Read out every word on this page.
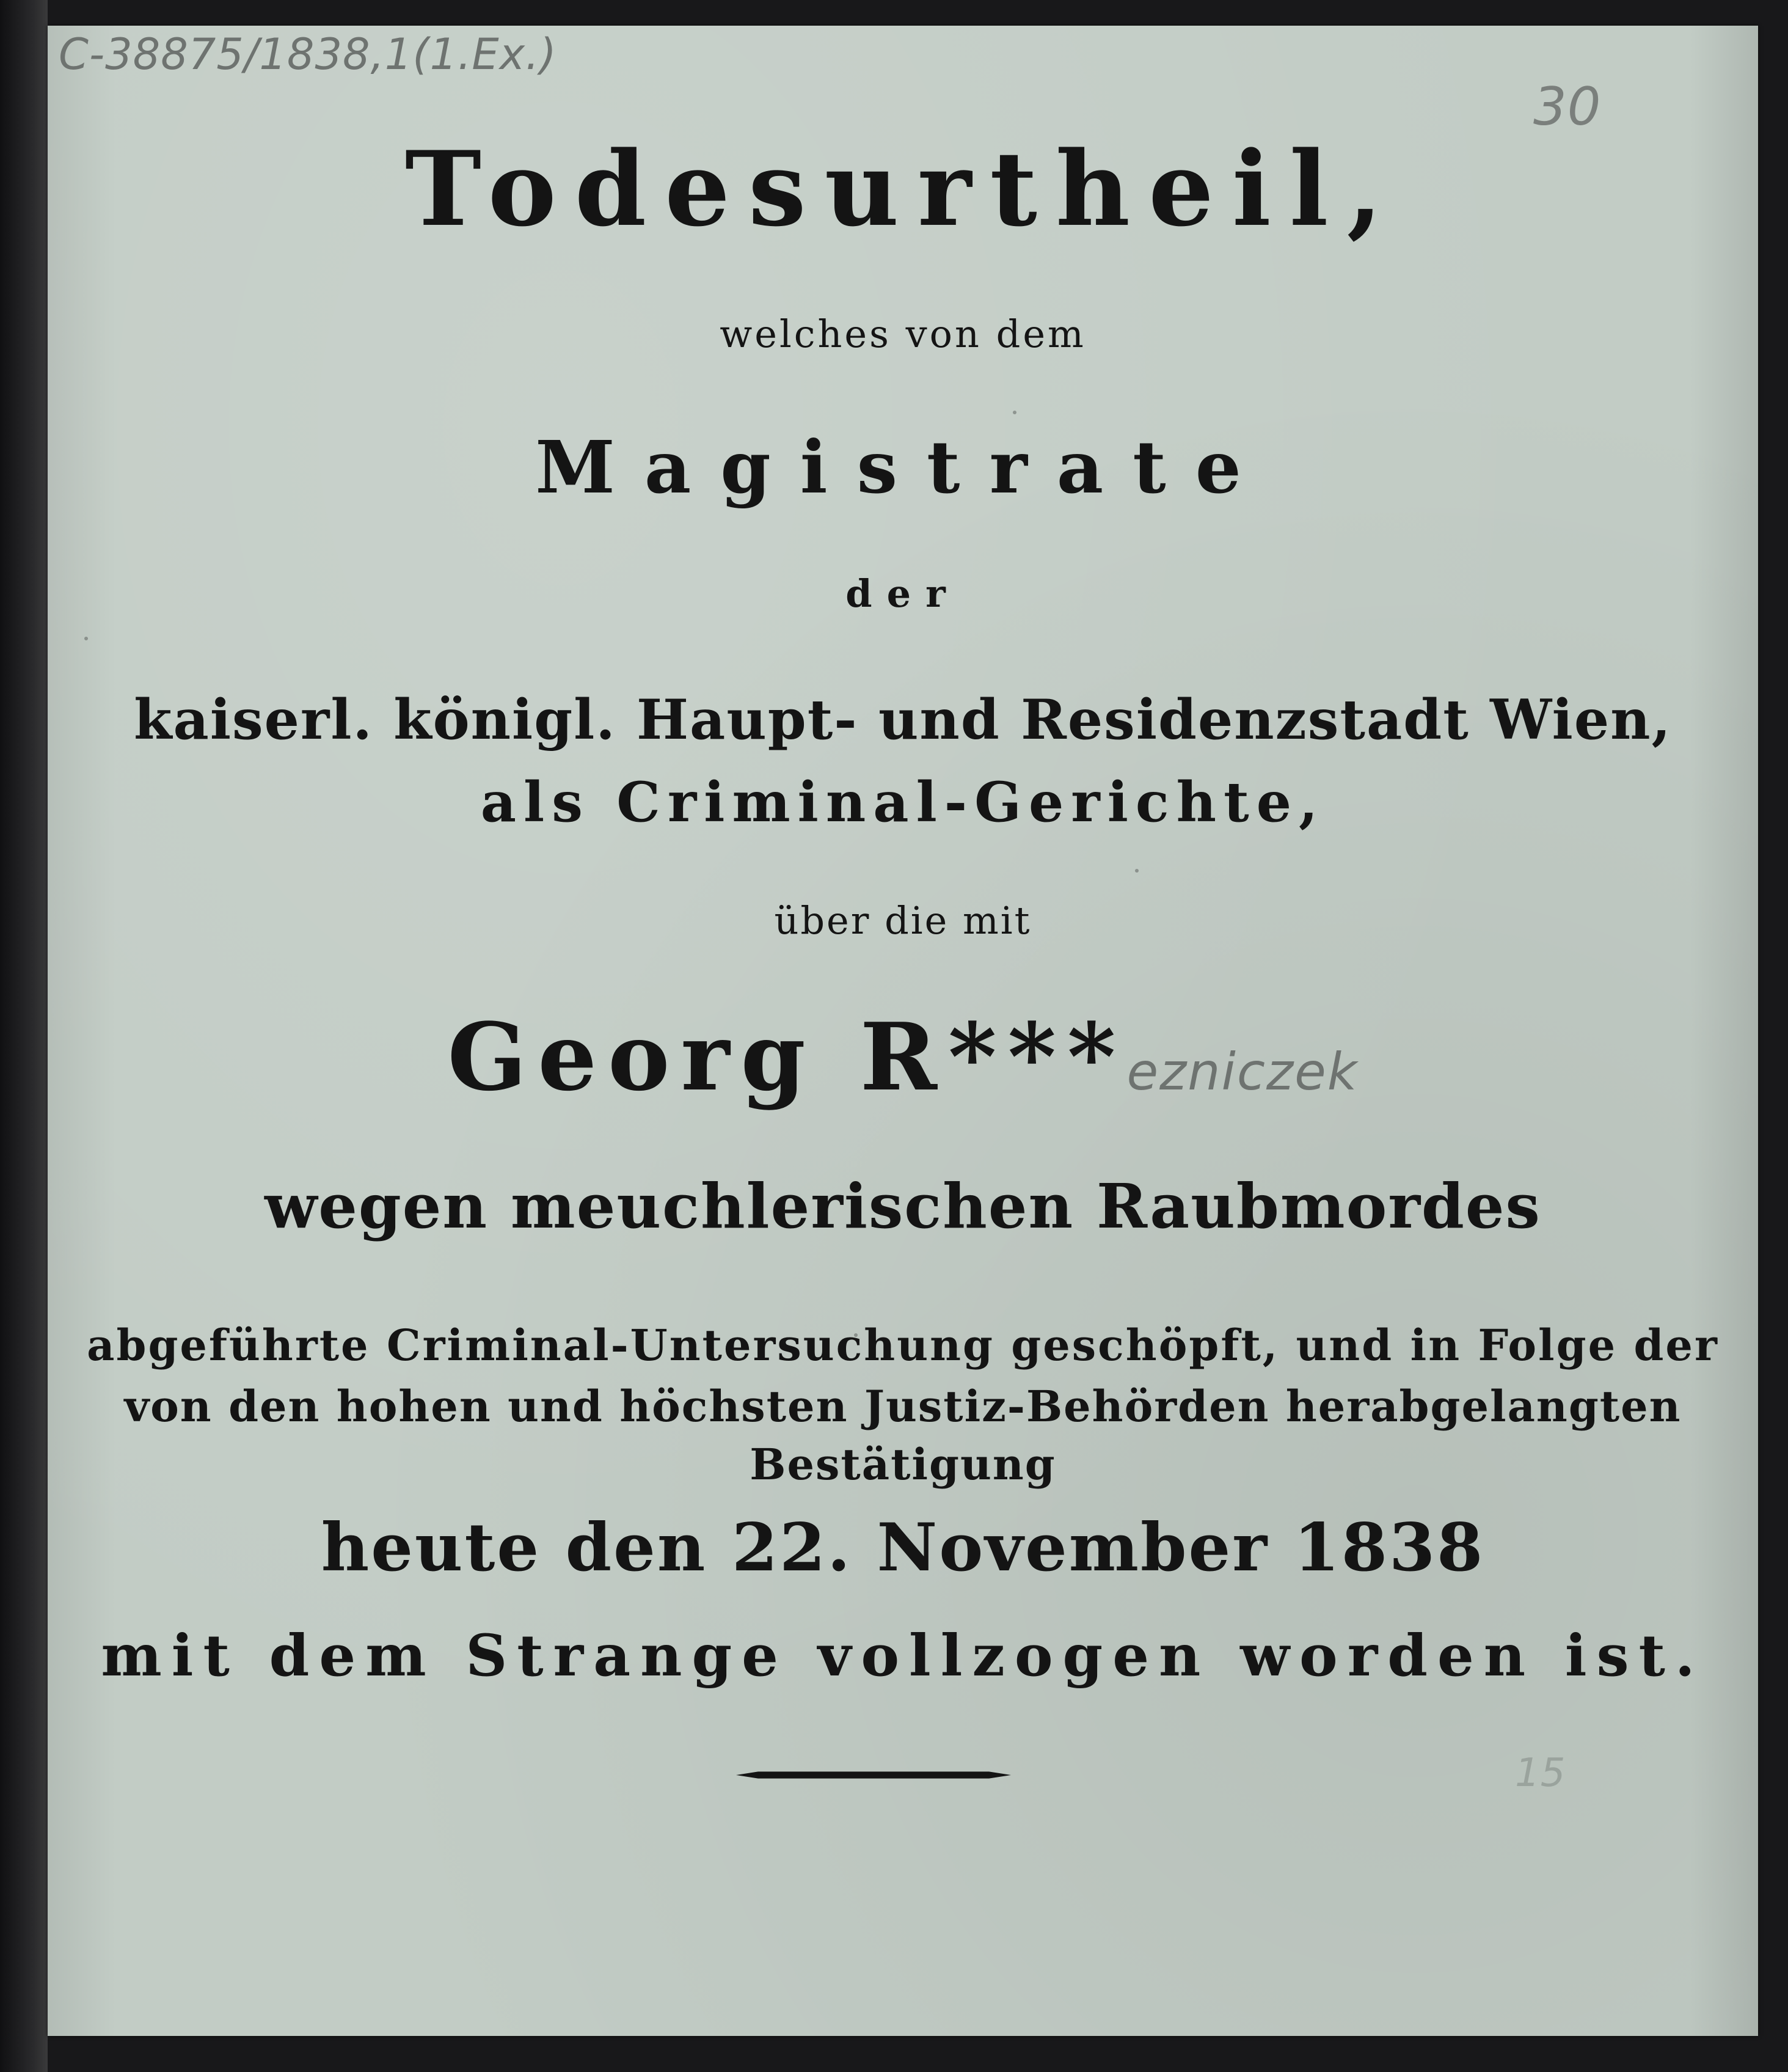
C-38875/1838,1(1.Ex.)
30
15
Todesurtheil,
welches von dem
Magistrate
der
kaiserl. königl. Haupt- und Residenzstadt Wien,
als Criminal-Gerichte,
über die mit
Georg R***ezniczek
wegen meuchlerischen Raubmordes
abgeführte Criminal-Untersuchung geschöpft, und in Folge der
von den hohen und höchsten Justiz-Behörden herabgelangten
Bestätigung
heute den 22. November 1838
mit dem Strange vollzogen worden ist.
